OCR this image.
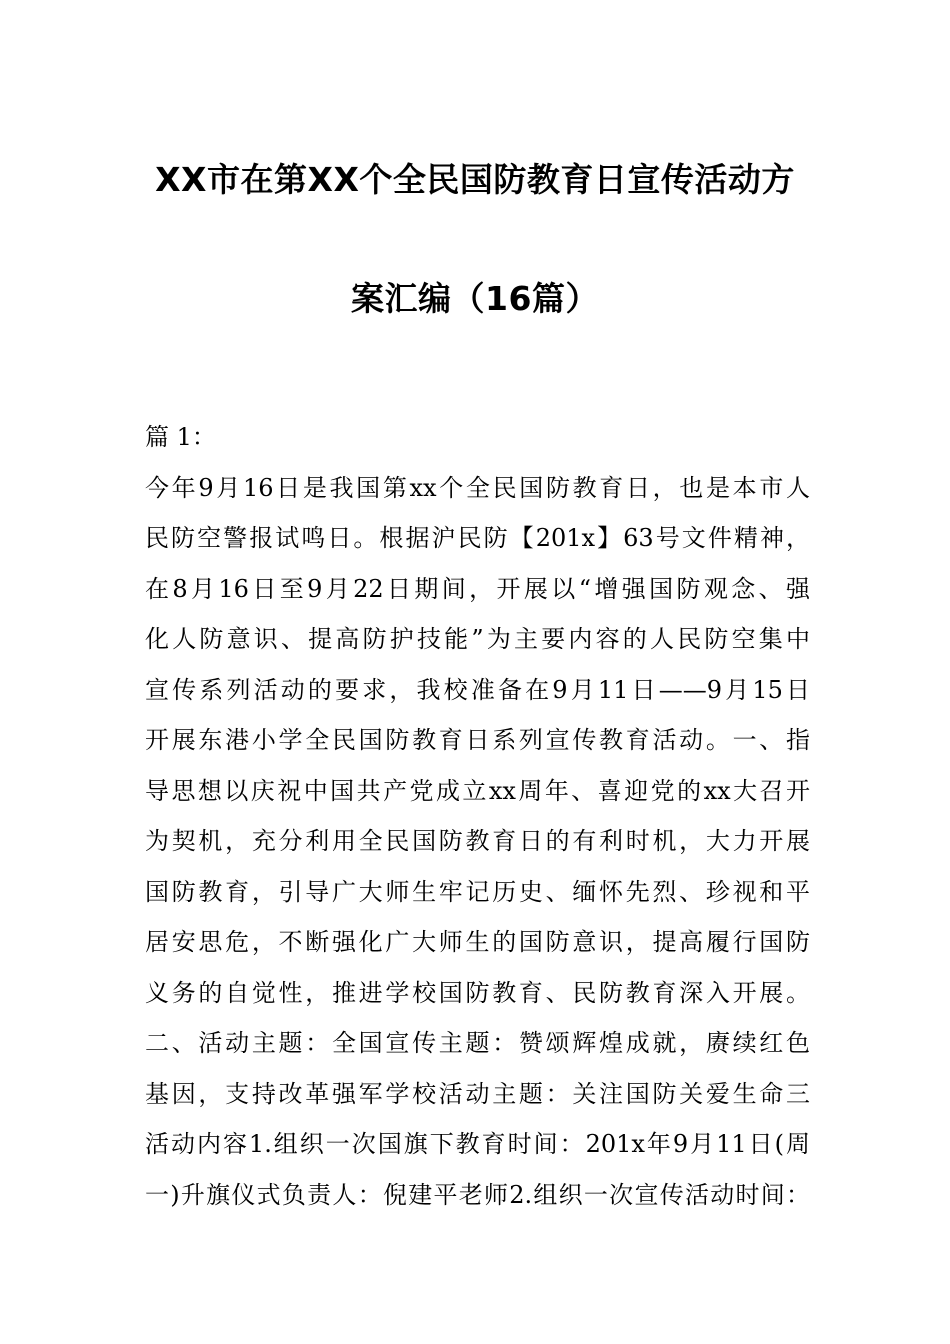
XX市在第XX个全民国防教育日宣传活动方
案汇编（16篇）
篇 1：
今年9月16日是我国第xx个全民国防教育日，也是本市人
民防空警报试鸣日。根据沪民防【201x】63号文件精神，
在8月16日至9月22日期间，开展以“增强国防观念、强
化人防意识、提高防护技能”为主要内容的人民防空集中
宣传系列活动的要求，我校准备在9月11日——9月15日
开展东港小学全民国防教育日系列宣传教育活动。一、指
导思想以庆祝中国共产党成立xx周年、喜迎党的xx大召开
为契机，充分利用全民国防教育日的有利时机，大力开展
国防教育，引导广大师生牢记历史、缅怀先烈、珍视和平
居安思危，不断强化广大师生的国防意识，提高履行国防
义务的自觉性，推进学校国防教育、民防教育深入开展。
二、活动主题：全国宣传主题：赞颂辉煌成就，赓续红色
基因，支持改革强军学校活动主题：关注国防关爱生命三
活动内容1.组织一次国旗下教育时间：201x年9月11日(周
一)升旗仪式负责人：倪建平老师2.组织一次宣传活动时间：
